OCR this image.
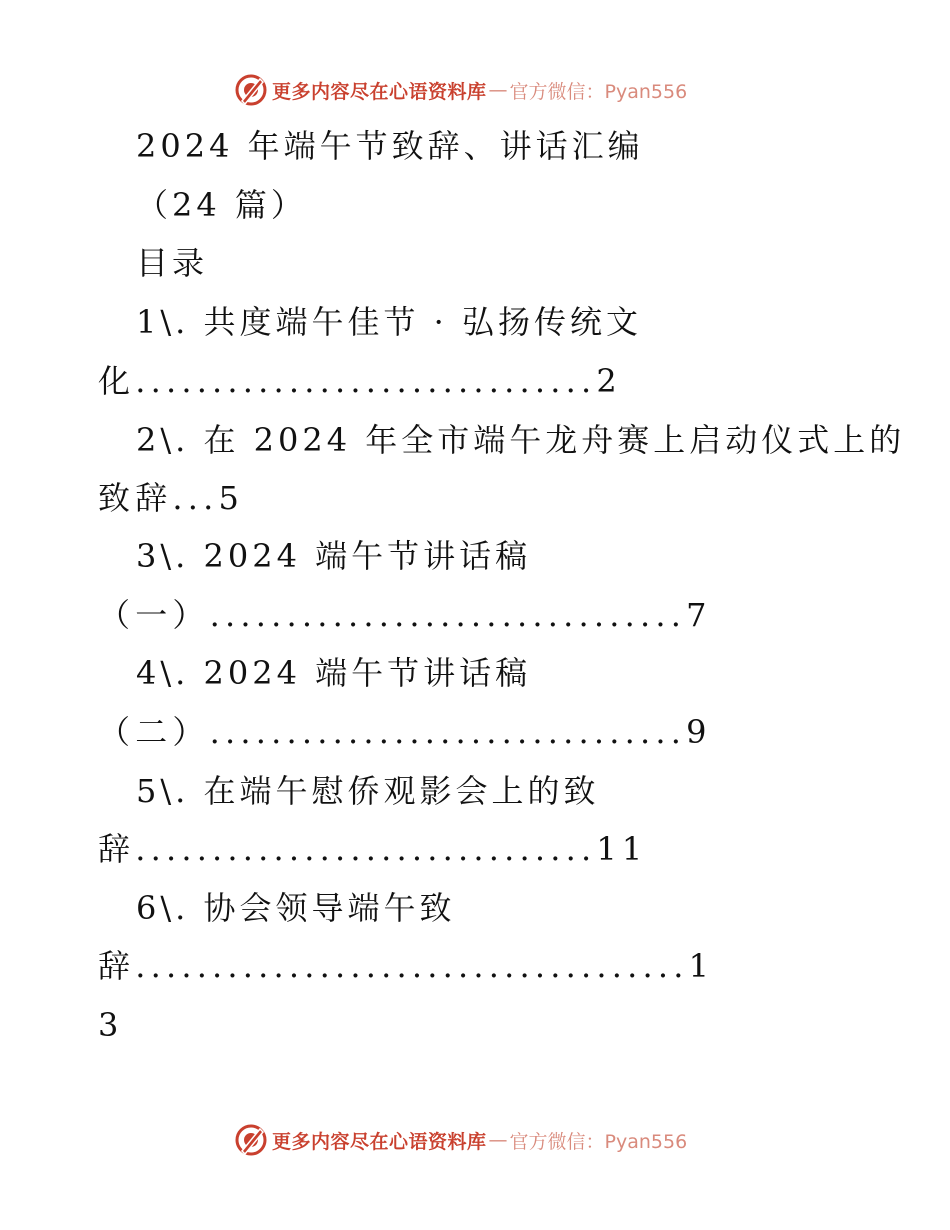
更多内容尽在心语资料库 — 官方微信：Pyan556
2024 年端午节致辞、讲话汇编
（24 篇）
目录
1\. 共度端午佳节 · 弘扬传统文
化..............................2
2\. 在 2024 年全市端午龙舟赛上启动仪式上的
致辞...5
3\. 2024 端午节讲话稿
（一）...............................7
4\. 2024 端午节讲话稿
（二）...............................9
5\. 在端午慰侨观影会上的致
辞..............................11
6\. 协会领导端午致
辞....................................1
3
更多内容尽在心语资料库 — 官方微信：Pyan556
